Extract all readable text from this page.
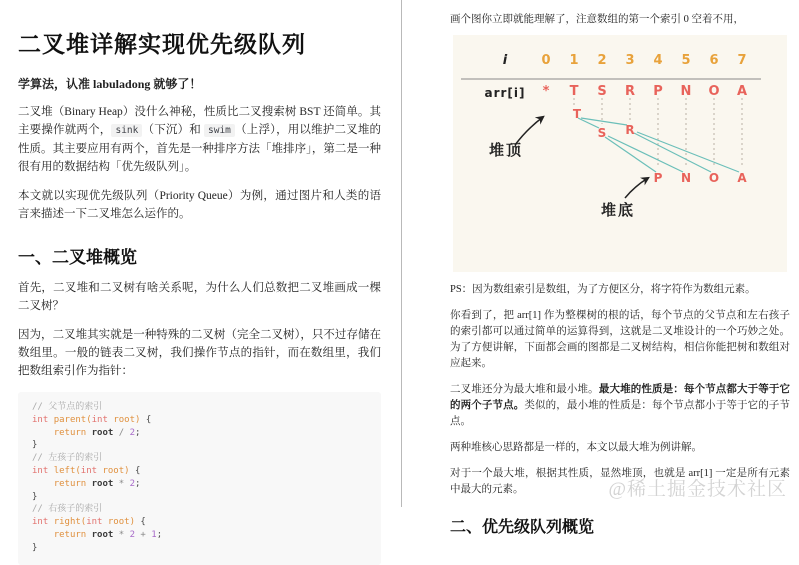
二叉堆详解实现优先级队列

学算法，认准 labuladong 就够了！

二叉堆（Binary Heap）没什么神秘，性质比二叉搜索树 BST 还简单。其主要操作就两个， sink （下沉）和 swim （上浮），用以维护二叉堆的性质。其主要应用有两个，首先是一种排序方法「堆排序」，第二是一种很有用的数据结构「优先级队列」。

本文就以实现优先级队列（Priority Queue）为例，通过图片和人类的语言来描述一下二叉堆怎么运作的。

一、二叉堆概览

首先，二叉堆和二叉树有啥关系呢，为什么人们总数把二叉堆画成一棵二叉树？

因为，二叉堆其实就是一种特殊的二叉树（完全二叉树），只不过存储在数组里。一般的链表二叉树，我们操作节点的指针，而在数组里，我们把数组索引作为指针：

// 父节点的索引
int parent(int root) {
return root / 2;
}
// 左孩子的索引
int left(int root) {
return root * 2;
}
// 右孩子的索引
int right(int root) {
return root * 2 + 1;
}

画个图你立即就能理解了，注意数组的第一个索引 0 空着不用，

i	0 1 2 3 4 5 6 7
arr[i] * T S R P N O A
T
S R
P N O A
堆顶
堆底

PS：因为数组索引是数组，为了方便区分，将字符作为数组元素。

你看到了，把 arr[1] 作为整棵树的根的话，每个节点的父节点和左右孩子的索引都可以通过简单的运算得到，这就是二叉堆设计的一个巧妙之处。为了方便讲解，下面都会画的图都是二叉树结构，相信你能把树和数组对应起来。

二叉堆还分为最大堆和最小堆。最大堆的性质是：每个节点都大于等于它的两个子节点。类似的，最小堆的性质是：每个节点都小于等于它的子节点。

两种堆核心思路都是一样的，本文以最大堆为例讲解。

对于一个最大堆，根据其性质，显然堆顶，也就是 arr[1] 一定是所有元素中最大的元素。

二、优先级队列概览
@稀土掘金技术社区
